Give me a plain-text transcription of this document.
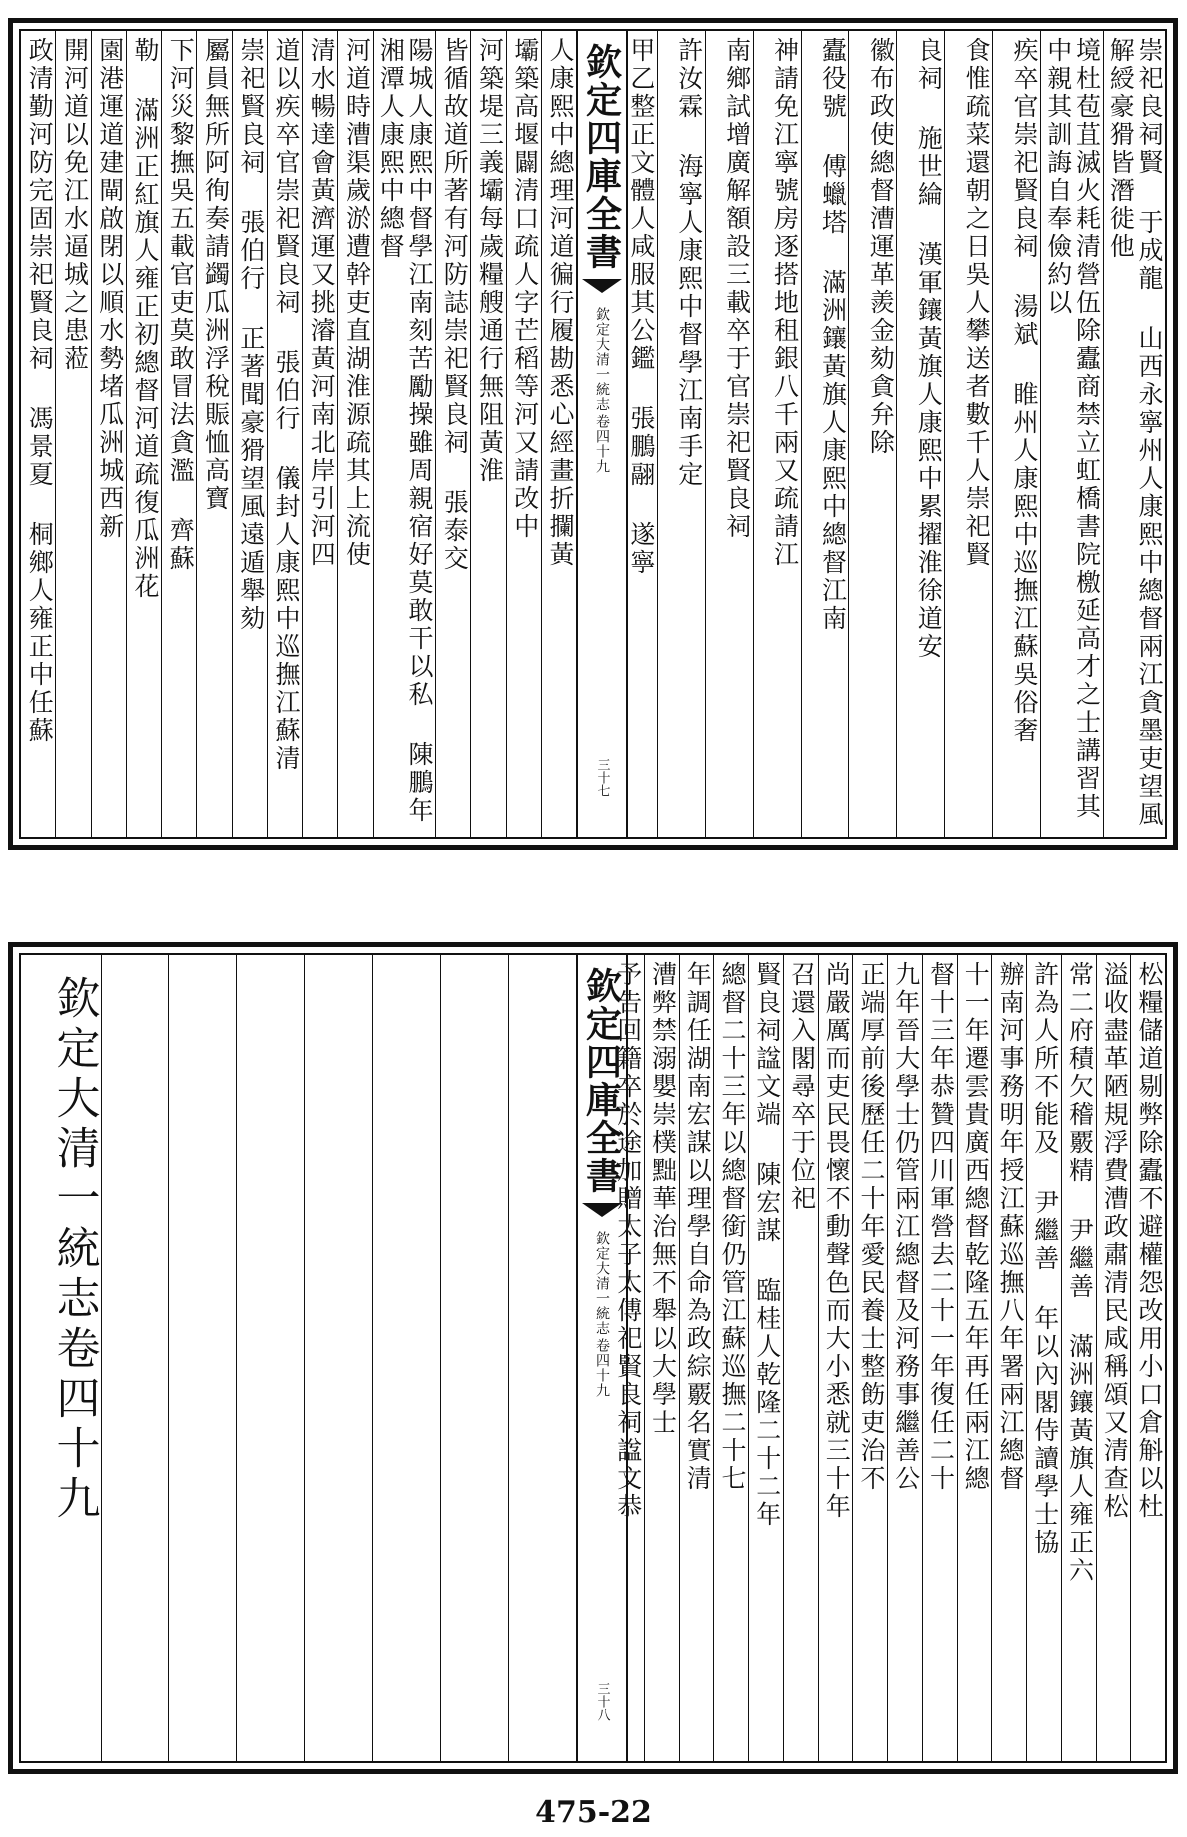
崇祀良祠賢 于成龍 山西永寧州人康熙中總督兩江貪墨吏望風解綬豪猾皆潛徙他
境杜苞苴滅火耗清營伍除蠹商禁立虹橋書院檄延高才之士講習其中親其訓誨自奉儉約以
疾卒官崇祀賢良祠 湯斌 睢州人康熙中巡撫江蘇吳俗奢
食惟疏菜還朝之日吳人攀送者數千人崇祀賢
良祠 施世綸 漢軍鑲黃旗人康熙中累擢淮徐道安
徽布政使總督漕運革羨金劾貪弁除
蠹役號 傅蠟塔 滿洲鑲黃旗人康熙中總督江南
神請免江寧號房逐搭地租銀八千兩又疏請江
南鄉試增廣解額設三載卒于官崇祀賢良祠
許汝霖 海寧人康熙中督學江南手定
甲乙整正文體人咸服其公鑑 張鵬翮 遂寧
欽定四庫全書
欽定大清一統志
卷四十九
三十七
人康熙中總理河道徧行履勘悉心經畫折攔黃
壩築高堰闢清口疏人字芒稻等河又請改中
河築堤三義壩每歲糧艘通行無阻黃淮
皆循故道所著有河防誌崇祀賢良祠 張泰交
陽城人康熙中督學江南刻苦勵操雖周親宿好莫敢干以私 陳鵬年 湘潭人康熙中總督
河道時漕渠歲淤遭幹吏直湖淮源疏其上流使
清水暢達會黃濟運又挑濬黃河南北岸引河四
道以疾卒官崇祀賢良祠 張伯行 儀封人康熙中巡撫江蘇清
崇祀賢良祠 張伯行 正著聞豪猾望風遠遁舉劾
屬員無所阿徇奏請蠲瓜洲浮稅賑恤高寶
下河災黎撫吳五載官吏莫敢冒法貪濫 齊蘇
勒 滿洲正紅旗人雍正初總督河道疏復瓜洲花
園港運道建閘啟閉以順水勢堵瓜洲城西新
開河道以免江水逼城之患蒞
政清勤河防完固崇祀賢良祠 馮景夏 桐鄉人雍正中任蘇
松糧儲道剔弊除蠹不避權怨改用小口倉斛以杜
溢收盡革陋規浮費漕政肅清民咸稱頌又清查松
常二府積欠稽覈精 尹繼善 滿洲鑲黃旗人雍正六
許為人所不能及 尹繼善 年以內閣侍讀學士協
辦南河事務明年授江蘇巡撫八年署兩江總督
十一年遷雲貴廣西總督乾隆五年再任兩江總
督十三年恭贊四川軍營去二十一年復任二十
九年晉大學士仍管兩江總督及河務事繼善公
正端厚前後歷任二十年愛民養士整飭吏治不
尚嚴厲而吏民畏懷不動聲色而大小悉就三十年
召還入閣尋卒于位祀
賢良祠諡文端 陳宏謀 臨桂人乾隆二十二年
總督二十三年以總督銜仍管江蘇巡撫二十七
年調任湖南宏謀以理學自命為政綜覈名實清
漕弊禁溺嬰崇樸黜華治無不舉以大學士
予告回籍卒於途加贈太子太傅祀賢良祠諡文恭
欽定四庫全書
欽定大清一統志
卷四十九
三十八
欽定大清一統志卷四十九
475-22
